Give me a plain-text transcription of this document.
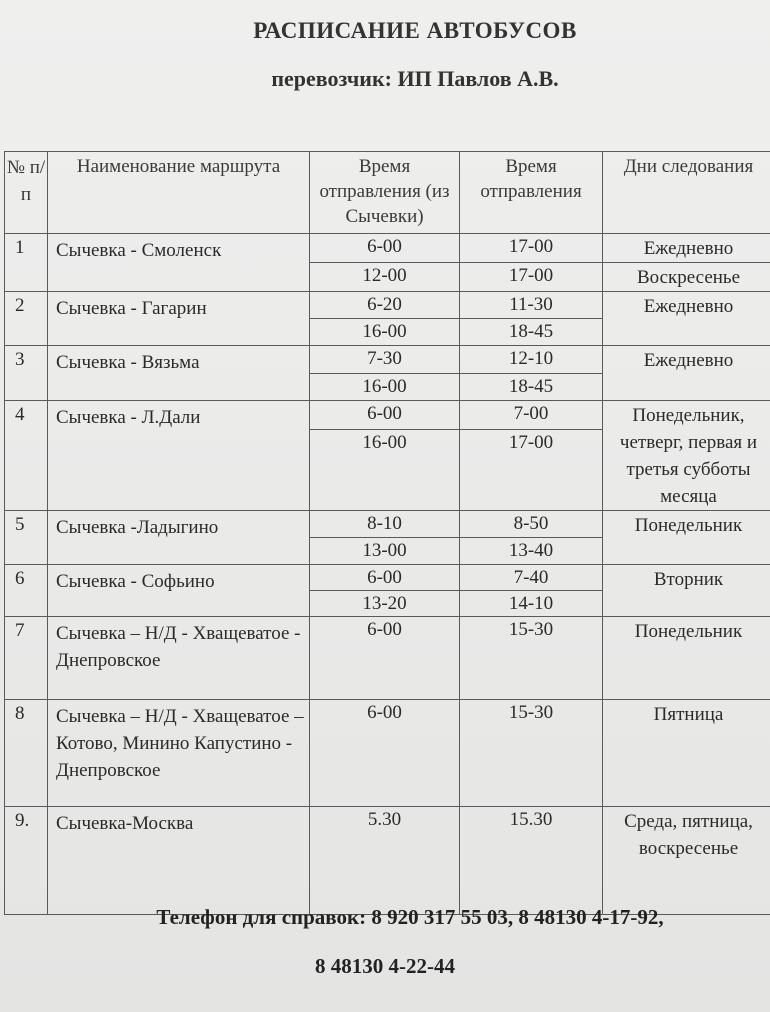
РАСПИСАНИЕ АВТОБУСОВ
перевозчик: ИП Павлов А.В.
№ п/п	Наименование маршрута	Время отправления (из Сычевки)	Время отправления	Дни следования
1	Сычевка - Смоленск	6-00	17-00	Ежедневно
		12-00	17-00	Воскресенье
2	Сычевка - Гагарин	6-20	11-30	Ежедневно
		16-00	18-45	
3	Сычевка - Вязьма	7-30	12-10	Ежедневно
		16-00	18-45	
4	Сычевка - Л.Дали	6-00	7-00	Понедельник, четверг, первая и третья субботы месяца
		16-00	17-00	
5	Сычевка -Ладыгино	8-10	8-50	Понедельник
		13-00	13-40	
6	Сычевка - Софьино	6-00	7-40	Вторник
		13-20	14-10	
7	Сычевка – Н/Д - Хващеватое - Днепровское	6-00	15-30	Понедельник
8	Сычевка – Н/Д - Хващеватое – Котово, Минино Капустино - Днепровское	6-00	15-30	Пятница
9.	Сычевка-Москва	5.30	15.30	Среда, пятница, воскресенье
Телефон для справок: 8 920 317 55 03, 8 48130 4-17-92,
8 48130 4-22-44
